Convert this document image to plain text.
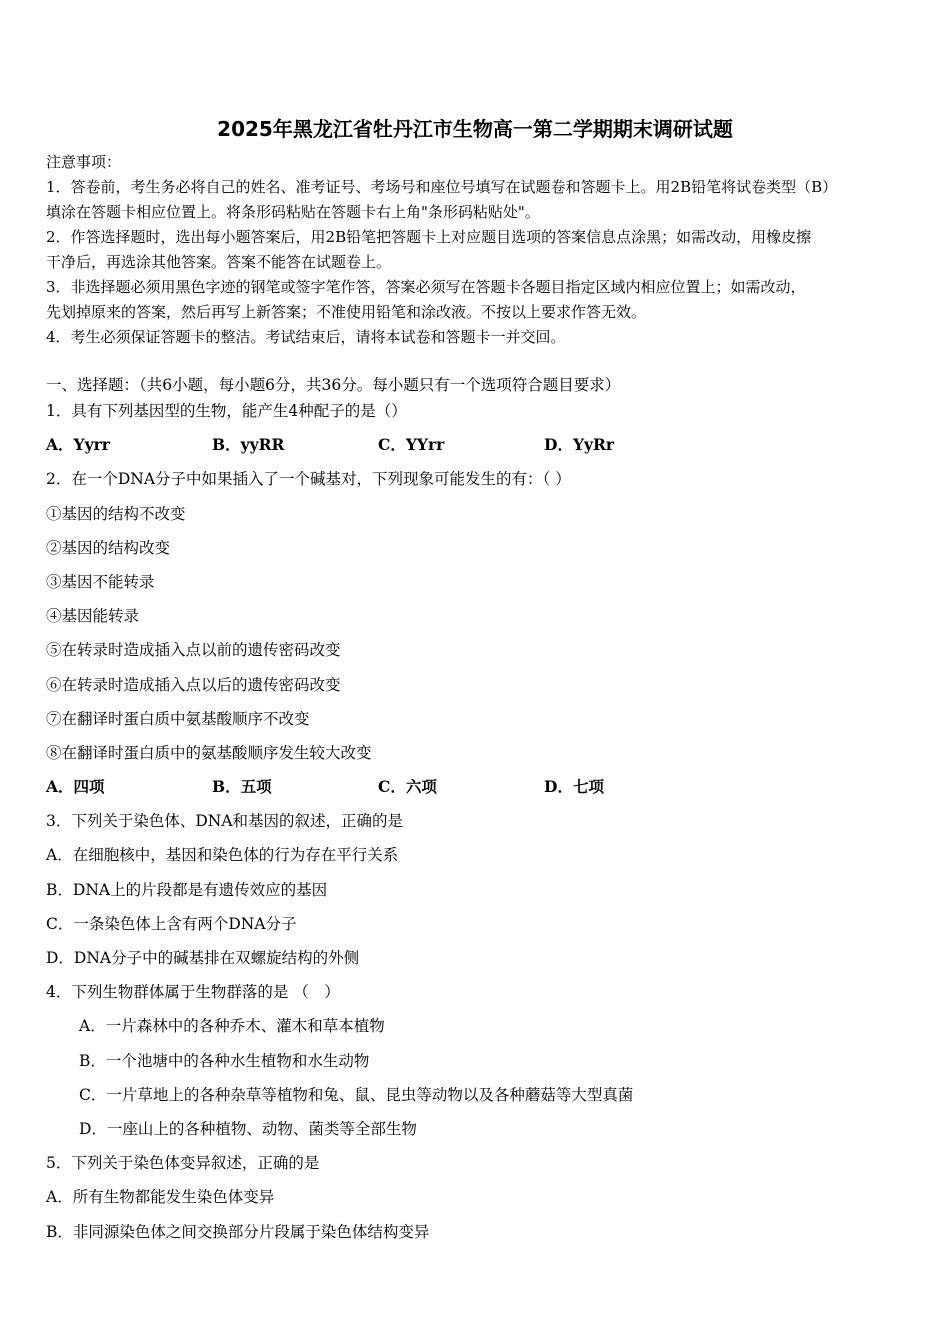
2025年黑龙江省牡丹江市生物高一第二学期期末调研试题
注意事项：
1．答卷前，考生务必将自己的姓名、准考证号、考场号和座位号填写在试题卷和答题卡上。用2B铅笔将试卷类型（B）
填涂在答题卡相应位置上。将条形码粘贴在答题卡右上角"条形码粘贴处"。
2．作答选择题时，选出每小题答案后，用2B铅笔把答题卡上对应题目选项的答案信息点涂黑；如需改动，用橡皮擦
干净后，再选涂其他答案。答案不能答在试题卷上。
3．非选择题必须用黑色字迹的钢笔或签字笔作答，答案必须写在答题卡各题目指定区域内相应位置上；如需改动，
先划掉原来的答案，然后再写上新答案；不准使用铅笔和涂改液。不按以上要求作答无效。
4．考生必须保证答题卡的整洁。考试结束后，请将本试卷和答题卡一并交回。
一、选择题：（共6小题，每小题6分，共36分。每小题只有一个选项符合题目要求）
1．具有下列基因型的生物，能产生4种配子的是（）
A．Yyrr	B．yyRR	C．YYrr	D．YyRr
2．在一个DNA分子中如果插入了一个碱基对，下列现象可能发生的有：（ ）
①基因的结构不改变
②基因的结构改变
③基因不能转录
④基因能转录
⑤在转录时造成插入点以前的遗传密码改变
⑥在转录时造成插入点以后的遗传密码改变
⑦在翻译时蛋白质中氨基酸顺序不改变
⑧在翻译时蛋白质中的氨基酸顺序发生较大改变
A．四项	B．五项	C．六项	D．七项
3．下列关于染色体、DNA和基因的叙述，正确的是
A．在细胞核中，基因和染色体的行为存在平行关系
B．DNA上的片段都是有遗传效应的基因
C．一条染色体上含有两个DNA分子
D．DNA分子中的碱基排在双螺旋结构的外侧
4．下列生物群体属于生物群落的是 （　）
A．一片森林中的各种乔木、灌木和草本植物
B．一个池塘中的各种水生植物和水生动物
C．一片草地上的各种杂草等植物和兔、鼠、昆虫等动物以及各种蘑菇等大型真菌
D．一座山上的各种植物、动物、菌类等全部生物
5．下列关于染色体变异叙述，正确的是
A．所有生物都能发生染色体变异
B．非同源染色体之间交换部分片段属于染色体结构变异
